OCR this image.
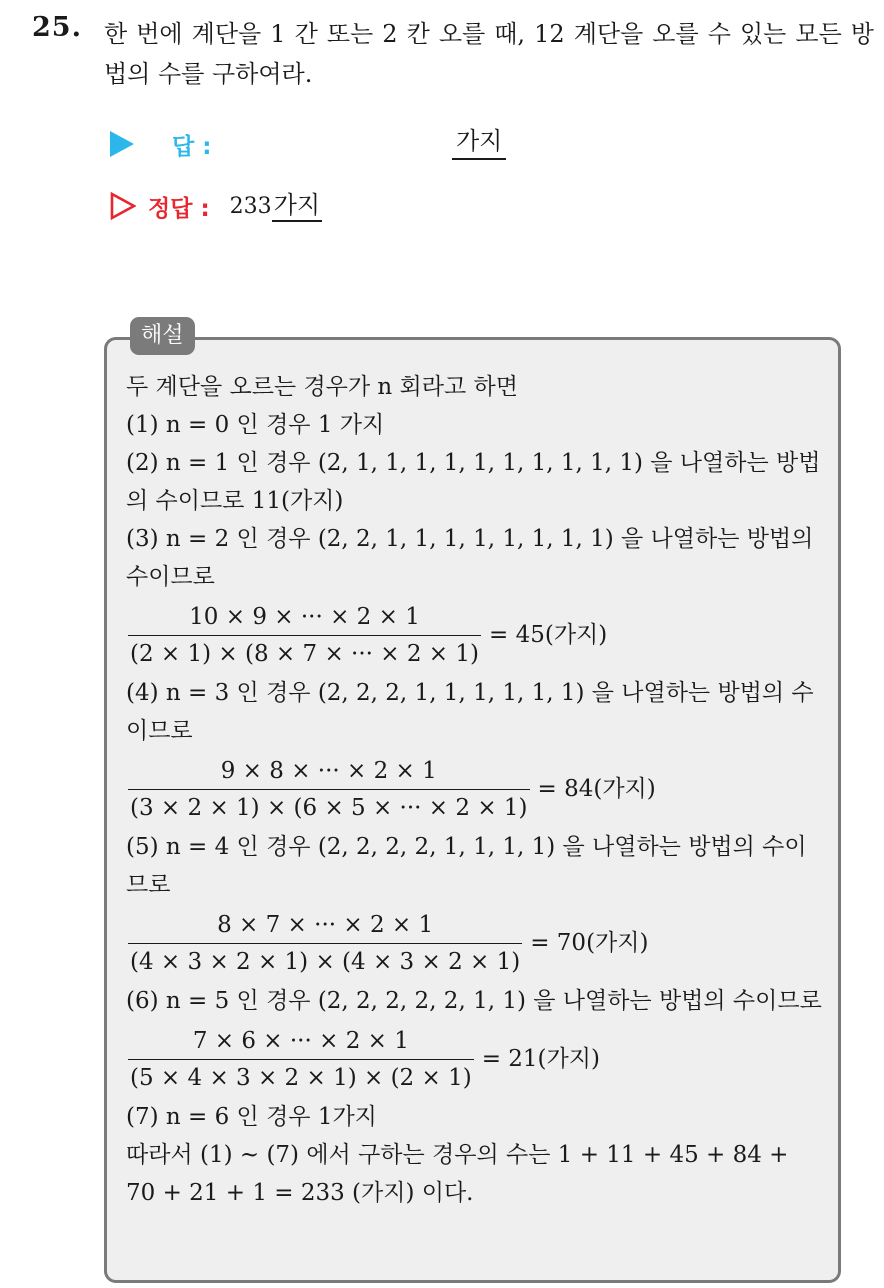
25. 한 번에 계단을 1 간 또는 2 칸 오를 때, 12 계단을 오를 수 있는 모든 방법의 수를 구하여라.
답 :	가지
정답 : 233 가지
해설
두 계단을 오르는 경우가 n 회라고 하면
(1) n = 0 인 경우 1 가지
(2) n = 1 인 경우 (2, 1, 1, 1, 1, 1, 1, 1, 1, 1, 1) 을 나열하는 방법의 수이므로 11(가지)
(3) n = 2 인 경우 (2, 2, 1, 1, 1, 1, 1, 1, 1, 1) 을 나열하는 방법의 수이므로
$\frac{10 \times 9 \times \cdot\cdot\cdot \times 2 \times 1}{(2 \times 1) \times (8 \times 7 \times \cdot\cdot\cdot \times 2 \times 1)} = 45$(가지)
(4) n = 3 인 경우 (2, 2, 2, 1, 1, 1, 1, 1, 1) 을 나열하는 방법의 수이므로
$\frac{9 \times 8 \times \cdot\cdot\cdot \times 2 \times 1}{(3 \times 2 \times 1) \times (6 \times 5 \times \cdot\cdot\cdot \times 2 \times 1)} = 84$(가지)
(5) n = 4 인 경우 (2, 2, 2, 2, 1, 1, 1, 1) 을 나열하는 방법의 수이므로
$\frac{8 \times 7 \times \cdot\cdot\cdot \times 2 \times 1}{(4 \times 3 \times 2 \times 1) \times (4 \times 3 \times 2 \times 1)} = 70$(가지)
(6) n = 5 인 경우 (2, 2, 2, 2, 2, 1, 1) 을 나열하는 방법의 수이므로
$\frac{7 \times 6 \times \cdot\cdot\cdot \times 2 \times 1}{(5 \times 4 \times 3 \times 2 \times 1) \times (2 \times 1)} = 21$(가지)
(7) n = 6 인 경우 1가지
따라서 (1) ~ (7) 에서 구하는 경우의 수는 1 + 11 + 45 + 84 + 70 + 21 + 1 = 233 (가지) 이다.
